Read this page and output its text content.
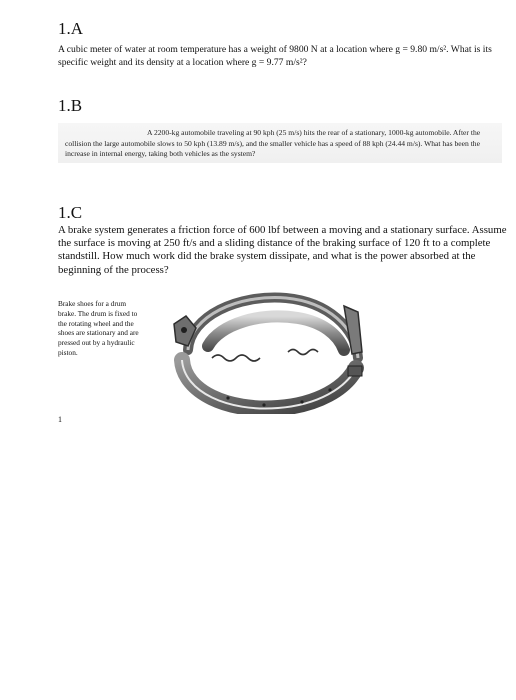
1.A

A cubic meter of water at room temperature has a weight of 9800 N at a location where g = 9.80 m/s². What is its specific weight and its density at a location where g = 9.77 m/s²?

1.B

A 2200-kg automobile traveling at 90 kph (25 m/s) hits the rear of a stationary, 1000-kg automobile. After the collision the large automobile slows to 50 kph (13.89 m/s), and the smaller vehicle has a speed of 88 kph (24.44 m/s). What has been the increase in internal energy, taking both vehicles as the system?

1.C

A brake system generates a friction force of 600 lbf between a moving and a stationary surface. Assume the surface is moving at 250 ft/s and a sliding distance of the braking surface of 120 ft to a complete standstill. How much work did the brake system dissipate, and what is the power absorbed at the beginning of the process?

Brake shoes for a drum brake. The drum is fixed to the rotating wheel and the shoes are stationary and are pressed out by a hydraulic piston.

1
